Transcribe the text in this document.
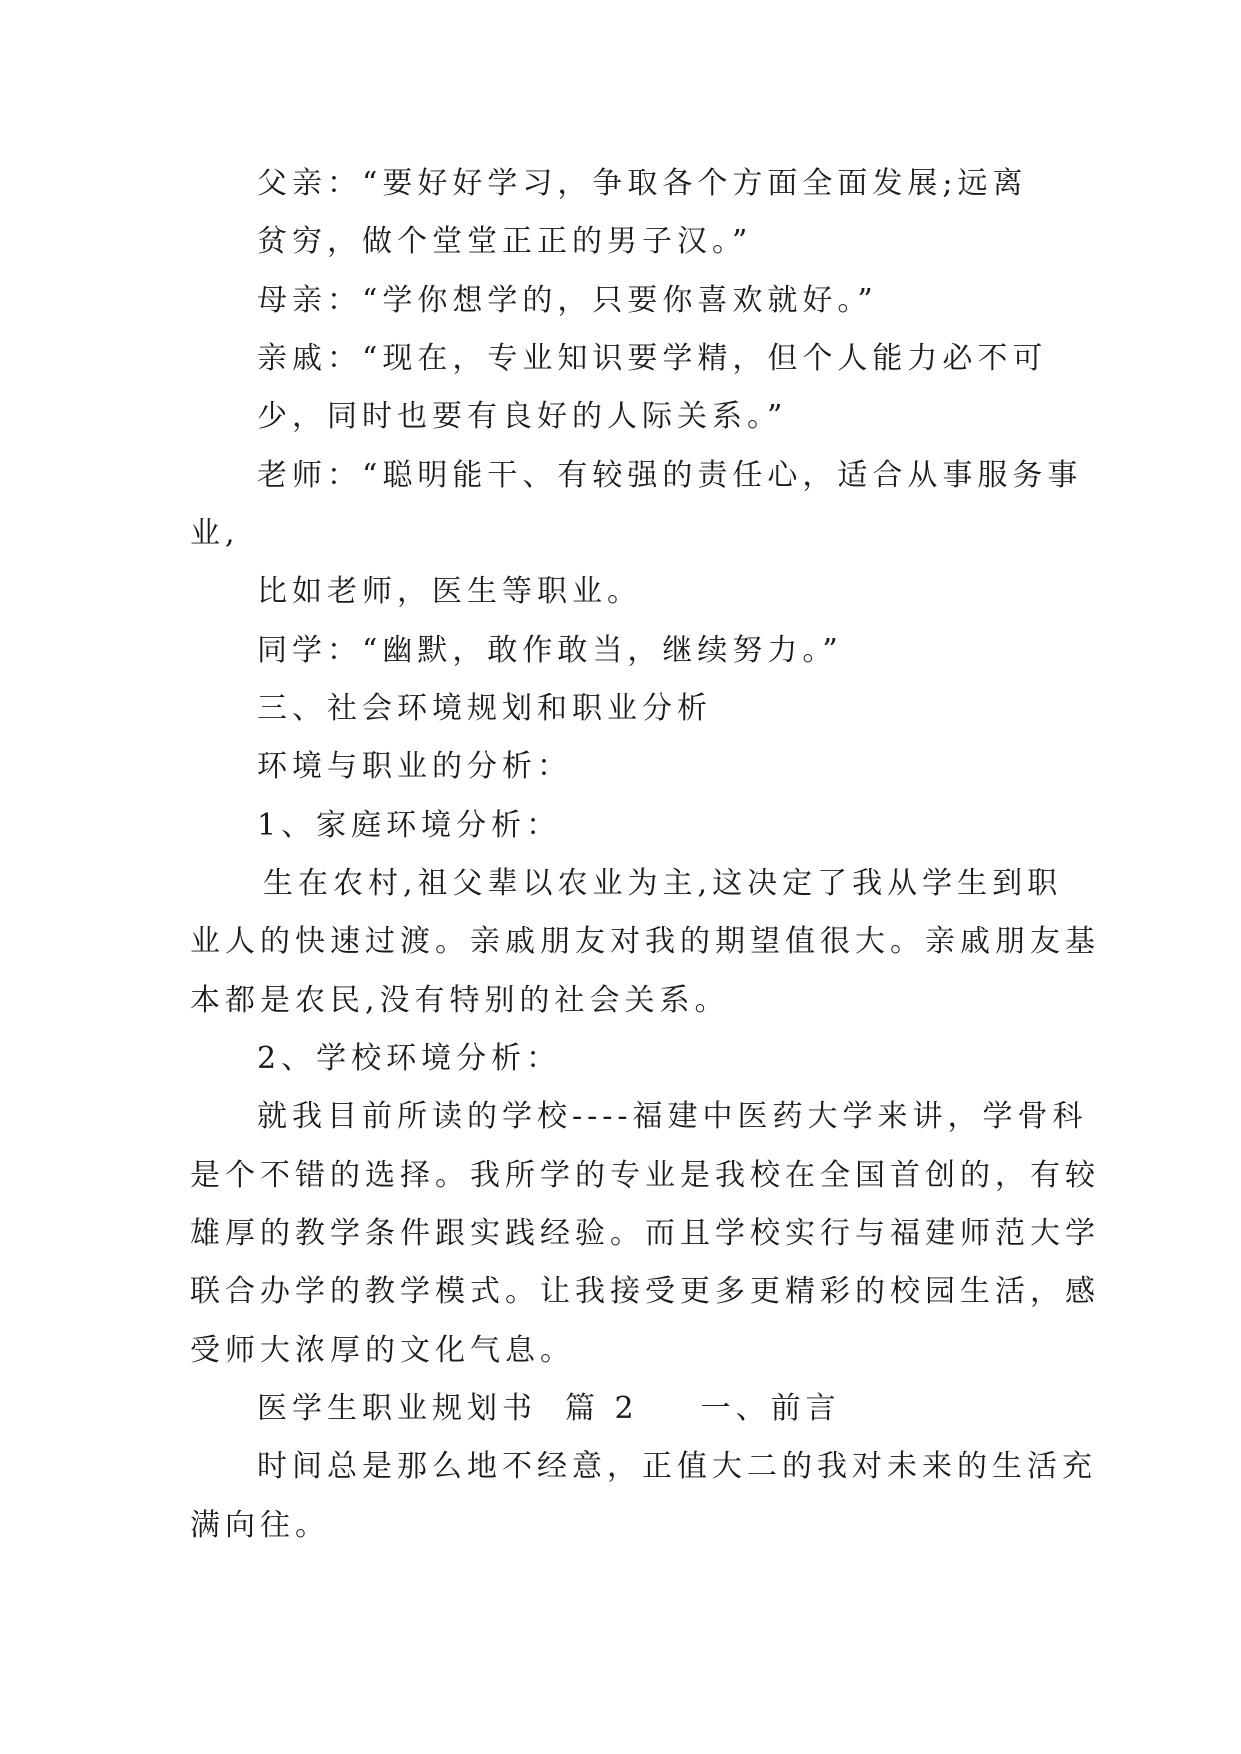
父亲：“要好好学习，争取各个方面全面发展;远离
贫穷，做个堂堂正正的男子汉。”
母亲：“学你想学的，只要你喜欢就好。”
亲戚：“现在，专业知识要学精，但个人能力必不可
少，同时也要有良好的人际关系。”
老师：“聪明能干、有较强的责任心，适合从事服务事
业,
比如老师，医生等职业。
同学：“幽默，敢作敢当，继续努力。”
三、社会环境规划和职业分析
环境与职业的分析：
1、家庭环境分析：
生在农村,祖父辈以农业为主,这决定了我从学生到职
业人的快速过渡。亲戚朋友对我的期望值很大。亲戚朋友基
本都是农民,没有特别的社会关系。
2、学校环境分析：
就我目前所读的学校----福建中医药大学来讲，学骨科
是个不错的选择。我所学的专业是我校在全国首创的，有较
雄厚的教学条件跟实践经验。而且学校实行与福建师范大学
联合办学的教学模式。让我接受更多更精彩的校园生活，感
受师大浓厚的文化气息。
医学生职业规划书 篇 2 一、前言
时间总是那么地不经意，正值大二的我对未来的生活充
满向往。
